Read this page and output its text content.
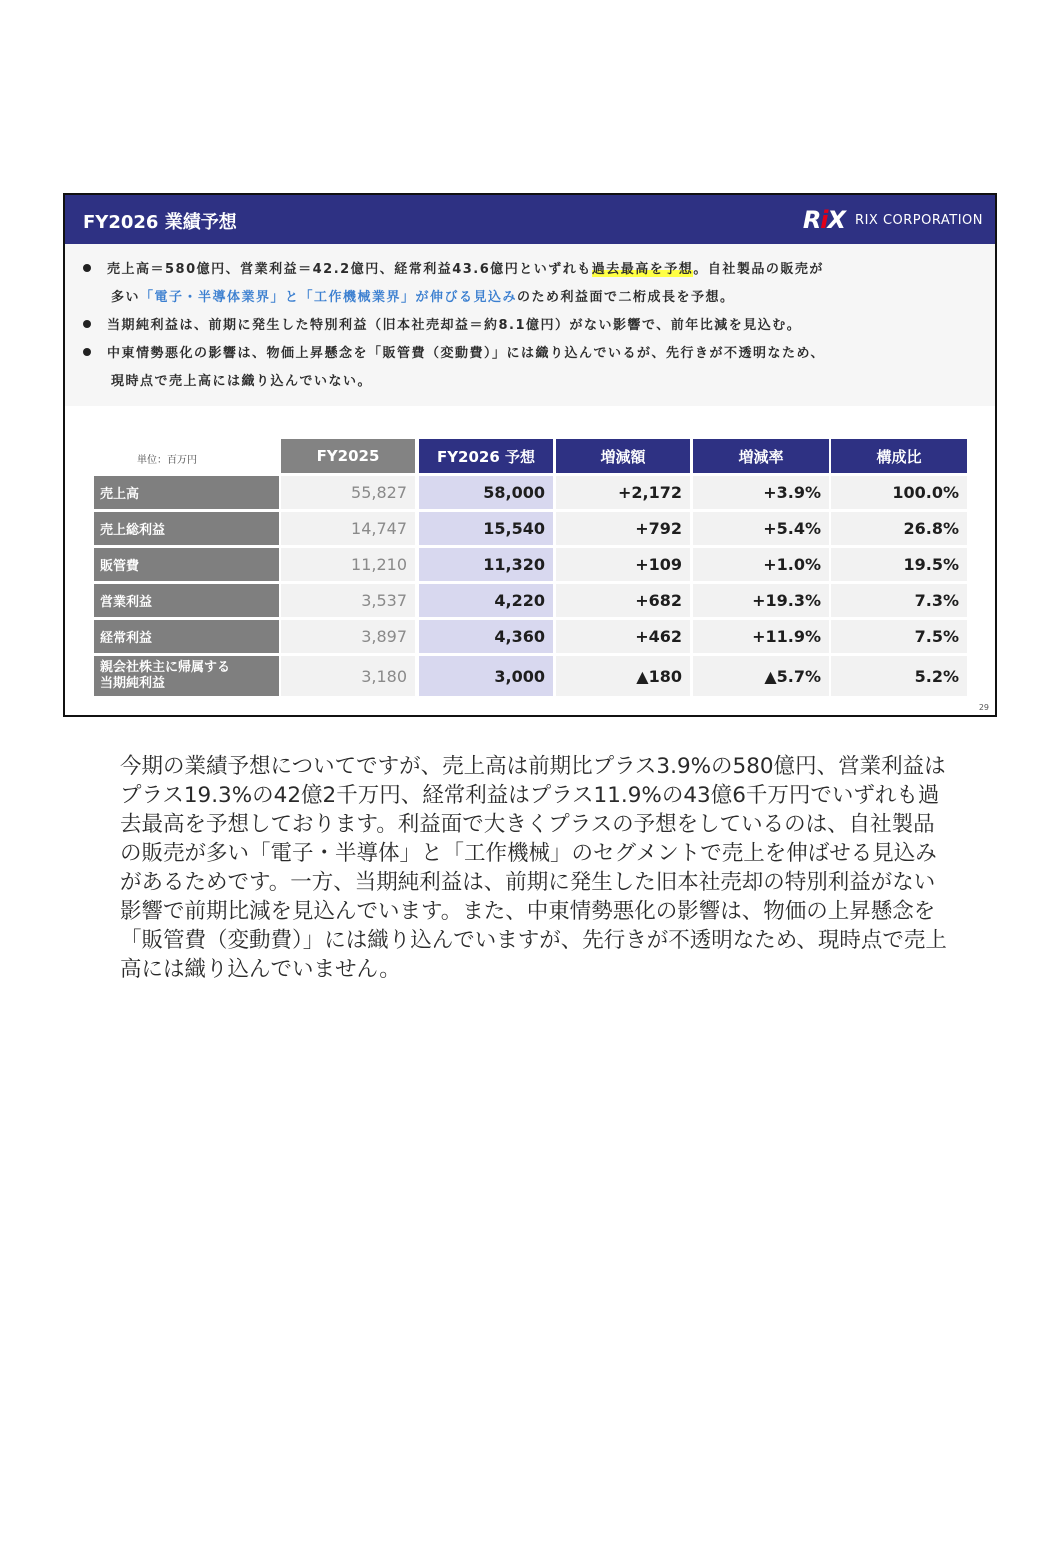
FY2026 業績予想	RiX RIX CORPORATION
売上高＝580億円、営業利益＝42.2億円、経常利益43.6億円といずれも過去最高を予想。自社製品の販売が
多い「電子・半導体業界」と「工作機械業界」が伸びる見込みのため利益面で二桁成長を予想。
当期純利益は、前期に発生した特別利益（旧本社売却益＝約8.1億円）がない影響で、前年比減を見込む。
中東情勢悪化の影響は、物価上昇懸念を「販管費（変動費）」には織り込んでいるが、先行きが不透明なため、
現時点で売上高には織り込んでいない。
単位：百万円	FY2025	FY2026 予想	増減額	増減率	構成比
売上高	55,827	58,000	+2,172	+3.9%	100.0%
売上総利益	14,747	15,540	+792	+5.4%	26.8%
販管費	11,210	11,320	+109	+1.0%	19.5%
営業利益	3,537	4,220	+682	+19.3%	7.3%
経常利益	3,897	4,360	+462	+11.9%	7.5%
親会社株主に帰属する
当期純利益	3,180	3,000	▲180	▲5.7%	5.2%
29
今期の業績予想についてですが、売上高は前期比プラス3.9%の580億円、営業利益はプラス19.3%の42億2千万円、経常利益はプラス11.9%の43億6千万円でいずれも過去最高を予想しております。利益面で大きくプラスの予想をしているのは、自社製品の販売が多い「電子・半導体」と「工作機械」のセグメントで売上を伸ばせる見込みがあるためです。一方、当期純利益は、前期に発生した旧本社売却の特別利益がない影響で前期比減を見込んでいます。また、中東情勢悪化の影響は、物価の上昇懸念を「販管費（変動費）」には織り込んでいますが、先行きが不透明なため、現時点で売上高には織り込んでいません。
